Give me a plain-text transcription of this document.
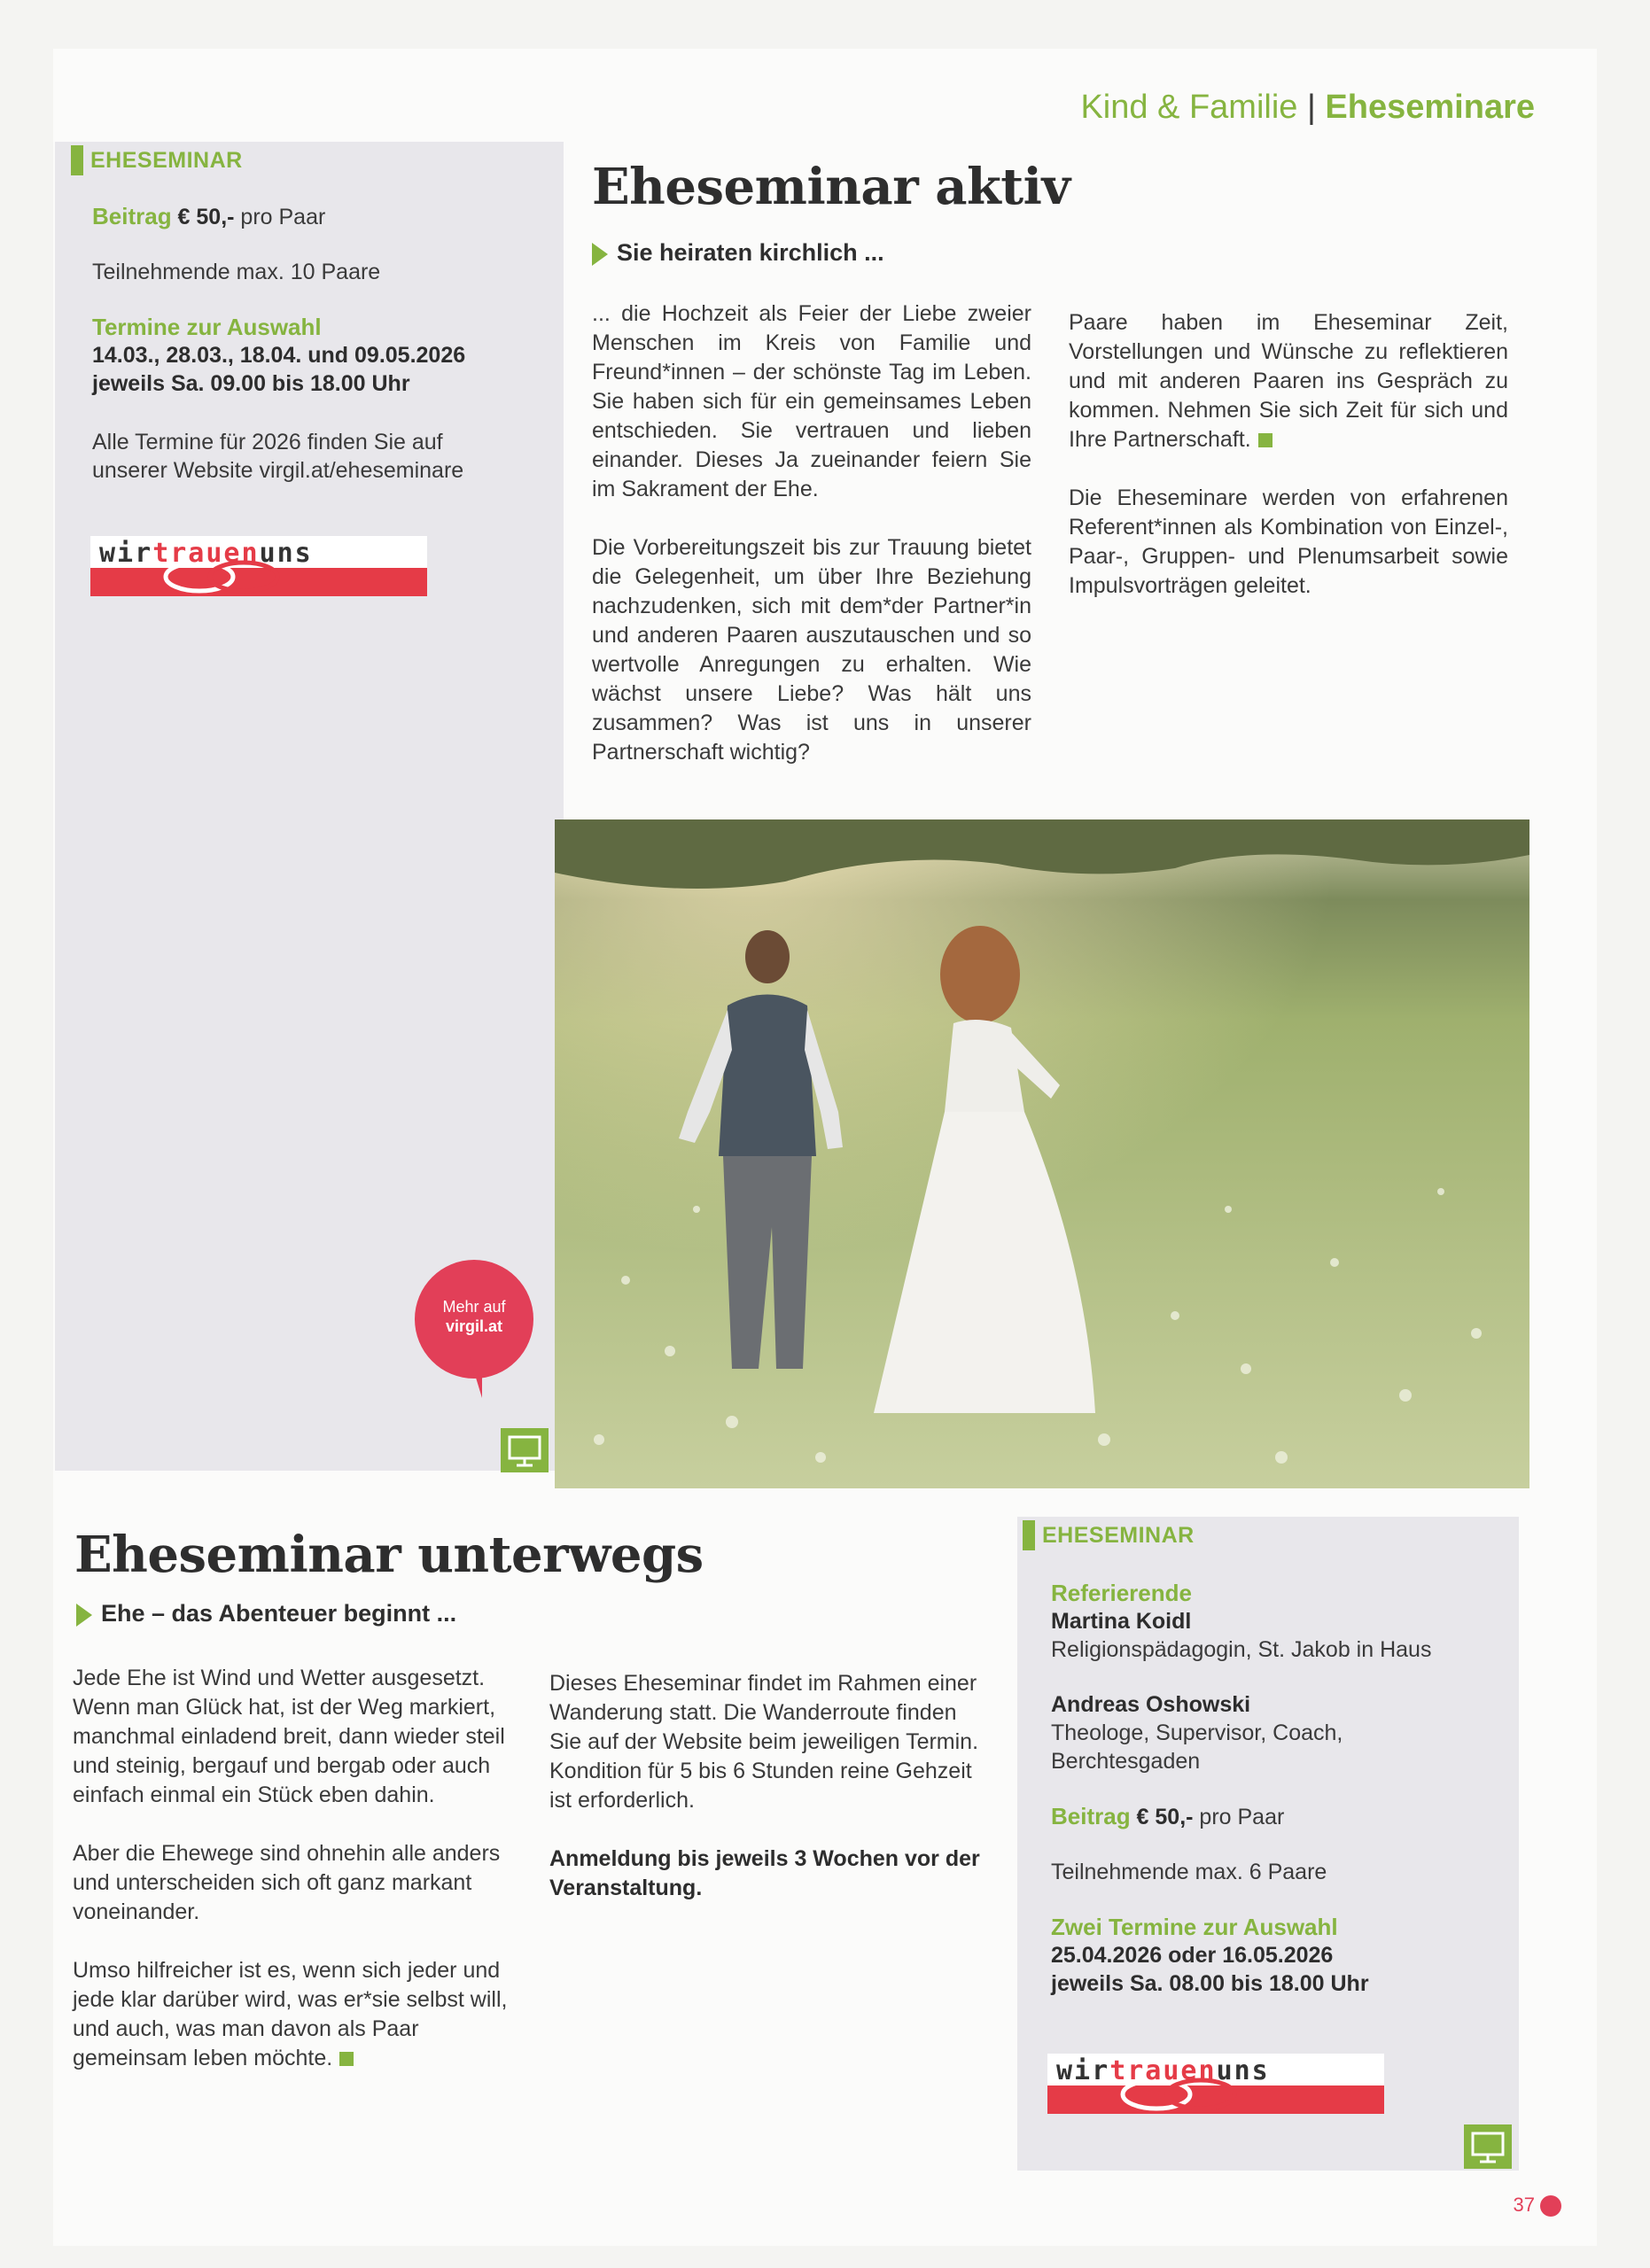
Kind & Familie | Eheseminare
EHESEMINAR
Beitrag € 50,- pro Paar
Teilnehmende max. 10 Paare
Termine zur Auswahl
14.03., 28.03., 18.04. und 09.05.2026
jeweils Sa. 09.00 bis 18.00 Uhr
Alle Termine für 2026 finden Sie auf
unserer Website virgil.at/eheseminare
wirtrauenuns
Eheseminar aktiv
Sie heiraten kirchlich ...

... die Hochzeit als Feier der Liebe zweier Menschen im Kreis von Familie und Freund*innen – der schönste Tag im Leben. Sie haben sich für ein gemeinsames Leben entschieden. Sie vertrauen und lieben einander. Dieses Ja zueinander feiern Sie im Sakrament der Ehe.

Die Vorbereitungszeit bis zur Trauung bietet die Gelegenheit, um über Ihre Beziehung nachzudenken, sich mit dem*der Partner*in und anderen Paaren auszutauschen und so wertvolle Anregungen zu erhalten. Wie wächst unsere Liebe? Was hält uns zusammen? Was ist uns in unserer Partnerschaft wichtig?

Paare haben im Eheseminar Zeit, Vorstellungen und Wünsche zu reflektieren und mit anderen Paaren ins Gespräch zu kommen. Nehmen Sie sich Zeit für sich und Ihre Partnerschaft.

Die Eheseminare werden von erfahrenen Referent*innen als Kombination von Einzel-, Paar-, Gruppen- und Plenumsarbeit sowie Impulsvorträgen geleitet.

Mehr auf
virgil.at
Eheseminar unterwegs
Ehe – das Abenteuer beginnt ...

Jede Ehe ist Wind und Wetter ausgesetzt. Wenn man Glück hat, ist der Weg markiert, manchmal einladend breit, dann wieder steil und steinig, bergauf und bergab oder auch einfach einmal ein Stück eben dahin.

Aber die Ehewege sind ohnehin alle anders und unterscheiden sich oft ganz markant voneinander.

Umso hilfreicher ist es, wenn sich jeder und jede klar darüber wird, was er*sie selbst will, und auch, was man davon als Paar gemeinsam leben möchte.

Dieses Eheseminar findet im Rahmen einer Wanderung statt. Die Wanderroute finden Sie auf der Website beim jeweiligen Termin. Kondition für 5 bis 6 Stunden reine Gehzeit ist erforderlich.

Anmeldung bis jeweils 3 Wochen vor der Veranstaltung.

EHESEMINAR
Referierende
Martina Koidl
Religionspädagogin, St. Jakob in Haus
Andreas Oshowski
Theologe, Supervisor, Coach,
Berchtesgaden
Beitrag € 50,- pro Paar
Teilnehmende max. 6 Paare
Zwei Termine zur Auswahl
25.04.2026 oder 16.05.2026
jeweils Sa. 08.00 bis 18.00 Uhr
wirtrauenuns
37
